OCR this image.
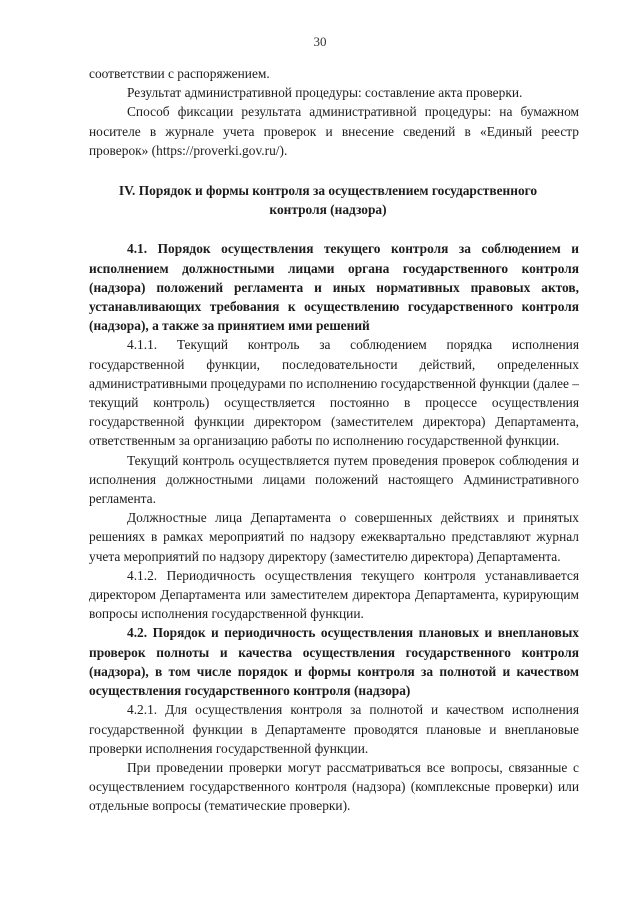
30

соответствии с распоряжением.

Результат административной процедуры: составление акта проверки.

Способ фиксации результата административной процедуры: на бумажном носителе в журнале учета проверок и внесение сведений в «Единый реестр проверок» (https://proverki.gov.ru/).

IV. Порядок и формы контроля за осуществлением государственного контроля (надзора)

4.1. Порядок осуществления текущего контроля за соблюдением и исполнением должностными лицами органа государственного контроля (надзора) положений регламента и иных нормативных правовых актов, устанавливающих требования к осуществлению государственного контроля (надзора), а также за принятием ими решений

4.1.1. Текущий контроль за соблюдением порядка исполнения государственной функции, последовательности действий, определенных административными процедурами по исполнению государственной функции (далее – текущий контроль) осуществляется постоянно в процессе осуществления государственной функции директором (заместителем директора) Департамента, ответственным за организацию работы по исполнению государственной функции.

Текущий контроль осуществляется путем проведения проверок соблюдения и исполнения должностными лицами положений настоящего Административного регламента.

Должностные лица Департамента о совершенных действиях и принятых решениях в рамках мероприятий по надзору ежеквартально представляют журнал учета мероприятий по надзору директору (заместителю директора) Департамента.

4.1.2. Периодичность осуществления текущего контроля устанавливается директором Департамента или заместителем директора Департамента, курирующим вопросы исполнения государственной функции.

4.2. Порядок и периодичность осуществления плановых и внеплановых проверок полноты и качества осуществления государственного контроля (надзора), в том числе порядок и формы контроля за полнотой и качеством осуществления государственного контроля (надзора)

4.2.1. Для осуществления контроля за полнотой и качеством исполнения государственной функции в Департаменте проводятся плановые и внеплановые проверки исполнения государственной функции.

При проведении проверки могут рассматриваться все вопросы, связанные с осуществлением государственного контроля (надзора) (комплексные проверки) или отдельные вопросы (тематические проверки).
